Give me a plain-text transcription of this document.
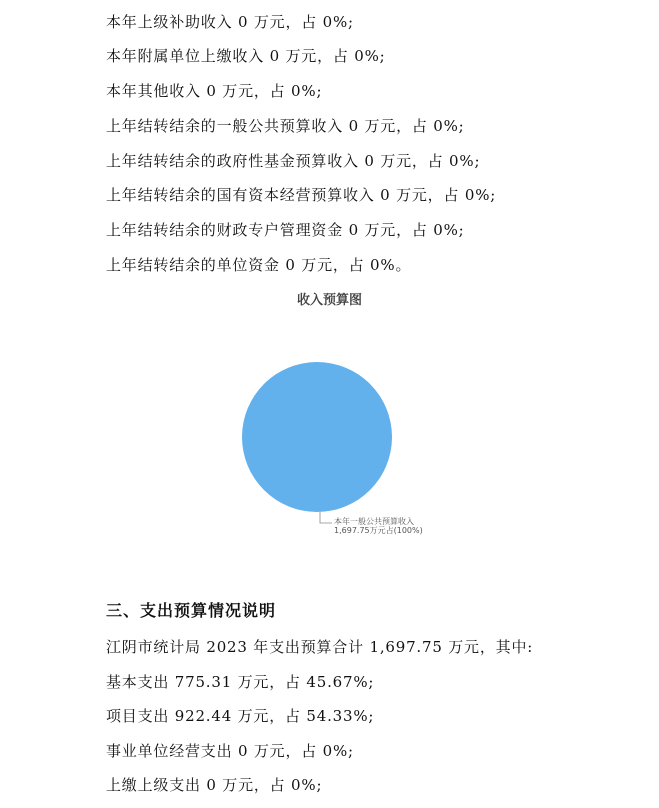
本年上级补助收入 0 万元，占 0%;
本年附属单位上缴收入 0 万元，占 0%;
本年其他收入 0 万元，占 0%;
上年结转结余的一般公共预算收入 0 万元，占 0%;
上年结转结余的政府性基金预算收入 0 万元，占 0%;
上年结转结余的国有资本经营预算收入 0 万元，占 0%;
上年结转结余的财政专户管理资金 0 万元，占 0%;
上年结转结余的单位资金 0 万元，占 0%。
收入预算图
本年一般公共预算收入
1,697.75万元占(100%)
三、支出预算情况说明
江阴市统计局 2023 年支出预算合计 1,697.75 万元，其中:
基本支出 775.31 万元，占 45.67%;
项目支出 922.44 万元，占 54.33%;
事业单位经营支出 0 万元，占 0%;
上缴上级支出 0 万元，占 0%;
